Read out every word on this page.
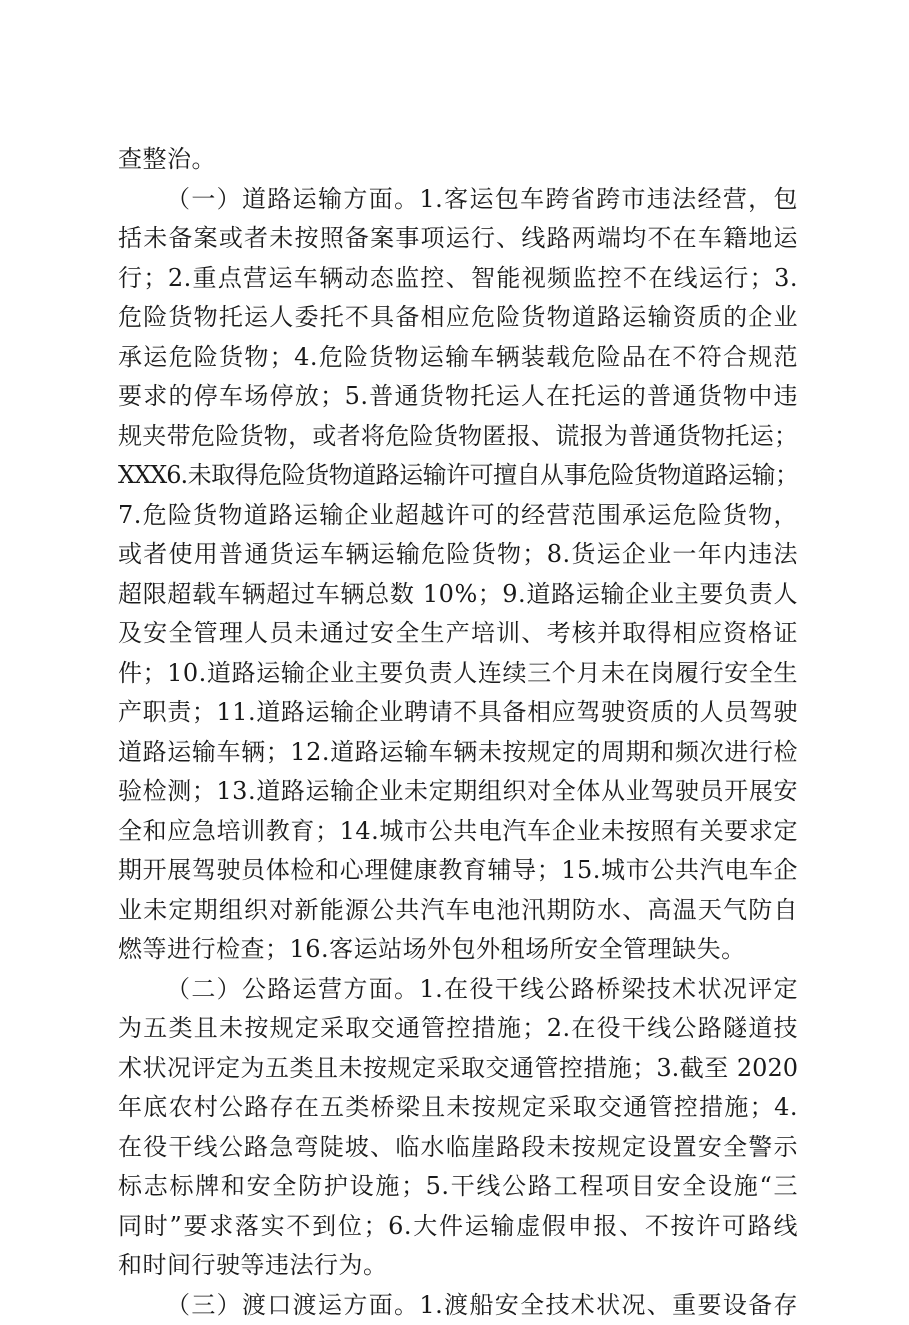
查整治。
（一）道路运输方面。1.客运包车跨省跨市违法经营，包
括未备案或者未按照备案事项运行、线路两端均不在车籍地运
行；2.重点营运车辆动态监控、智能视频监控不在线运行；3.
危险货物托运人委托不具备相应危险货物道路运输资质的企业
承运危险货物；4.危险货物运输车辆装载危险品在不符合规范
要求的停车场停放；5.普通货物托运人在托运的普通货物中违
规夹带危险货物，或者将危险货物匿报、谎报为普通货物托运；
XXX6.未取得危险货物道路运输许可擅自从事危险货物道路运输；
7.危险货物道路运输企业超越许可的经营范围承运危险货物，
或者使用普通货运车辆运输危险货物；8.货运企业一年内违法
超限超载车辆超过车辆总数 10%；9.道路运输企业主要负责人
及安全管理人员未通过安全生产培训、考核并取得相应资格证
件；10.道路运输企业主要负责人连续三个月未在岗履行安全生
产职责；11.道路运输企业聘请不具备相应驾驶资质的人员驾驶
道路运输车辆；12.道路运输车辆未按规定的周期和频次进行检
验检测；13.道路运输企业未定期组织对全体从业驾驶员开展安
全和应急培训教育；14.城市公共电汽车企业未按照有关要求定
期开展驾驶员体检和心理健康教育辅导；15.城市公共汽电车企
业未定期组织对新能源公共汽车电池汛期防水、高温天气防自
燃等进行检查；16.客运站场外包外租场所安全管理缺失。
（二）公路运营方面。1.在役干线公路桥梁技术状况评定
为五类且未按规定采取交通管控措施；2.在役干线公路隧道技
术状况评定为五类且未按规定采取交通管控措施；3.截至 2020
年底农村公路存在五类桥梁且未按规定采取交通管控措施；4.
在役干线公路急弯陡坡、临水临崖路段未按规定设置安全警示
标志标牌和安全防护设施；5.干线公路工程项目安全设施“三
同时”要求落实不到位；6.大件运输虚假申报、不按许可路线
和时间行驶等违法行为。
（三）渡口渡运方面。1.渡船安全技术状况、重要设备存
